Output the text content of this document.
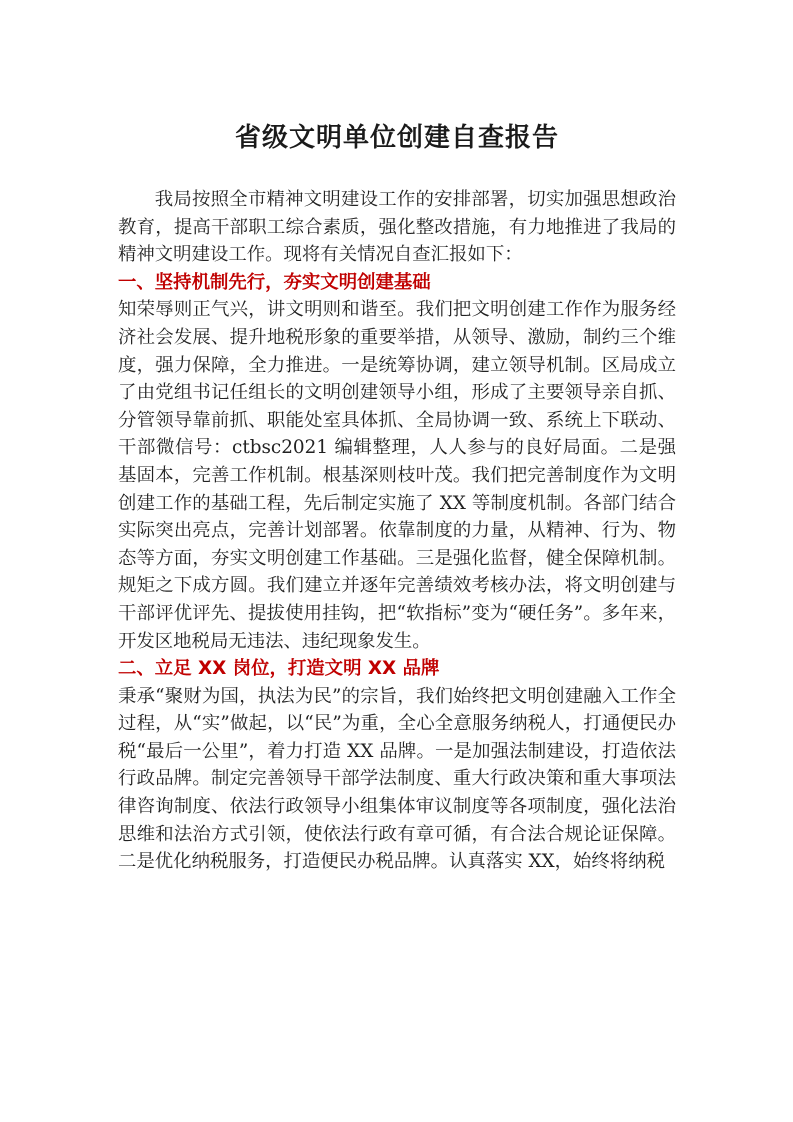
省级文明单位创建自查报告

我局按照全市精神文明建设工作的安排部署，切实加强思想政治教育，提高干部职工综合素质，强化整改措施，有力地推进了我局的精神文明建设工作。现将有关情况自查汇报如下：

一、坚持机制先行，夯实文明创建基础

知荣辱则正气兴，讲文明则和谐至。我们把文明创建工作作为服务经济社会发展、提升地税形象的重要举措，从领导、激励，制约三个维度，强力保障，全力推进。一是统筹协调，建立领导机制。区局成立了由党组书记任组长的文明创建领导小组，形成了主要领导亲自抓、分管领导靠前抓、职能处室具体抓、全局协调一致、系统上下联动、干部微信号：ctbsc2021 编辑整理，人人参与的良好局面。二是强基固本，完善工作机制。根基深则枝叶茂。我们把完善制度作为文明创建工作的基础工程，先后制定实施了 XX 等制度机制。各部门结合实际突出亮点，完善计划部署。依靠制度的力量，从精神、行为、物态等方面，夯实文明创建工作基础。三是强化监督，健全保障机制。规矩之下成方圆。我们建立并逐年完善绩效考核办法，将文明创建与干部评优评先、提拔使用挂钩，把“软指标”变为“硬任务”。多年来，开发区地税局无违法、违纪现象发生。

二、立足 XX 岗位，打造文明 XX 品牌

秉承“聚财为国，执法为民”的宗旨，我们始终把文明创建融入工作全过程，从“实”做起，以“民”为重，全心全意服务纳税人，打通便民办税“最后一公里”，着力打造 XX 品牌。一是加强法制建设，打造依法行政品牌。制定完善领导干部学法制度、重大行政决策和重大事项法律咨询制度、依法行政领导小组集体审议制度等各项制度，强化法治思维和法治方式引领，使依法行政有章可循，有合法合规论证保障。二是优化纳税服务，打造便民办税品牌。认真落实 XX，始终将纳税
